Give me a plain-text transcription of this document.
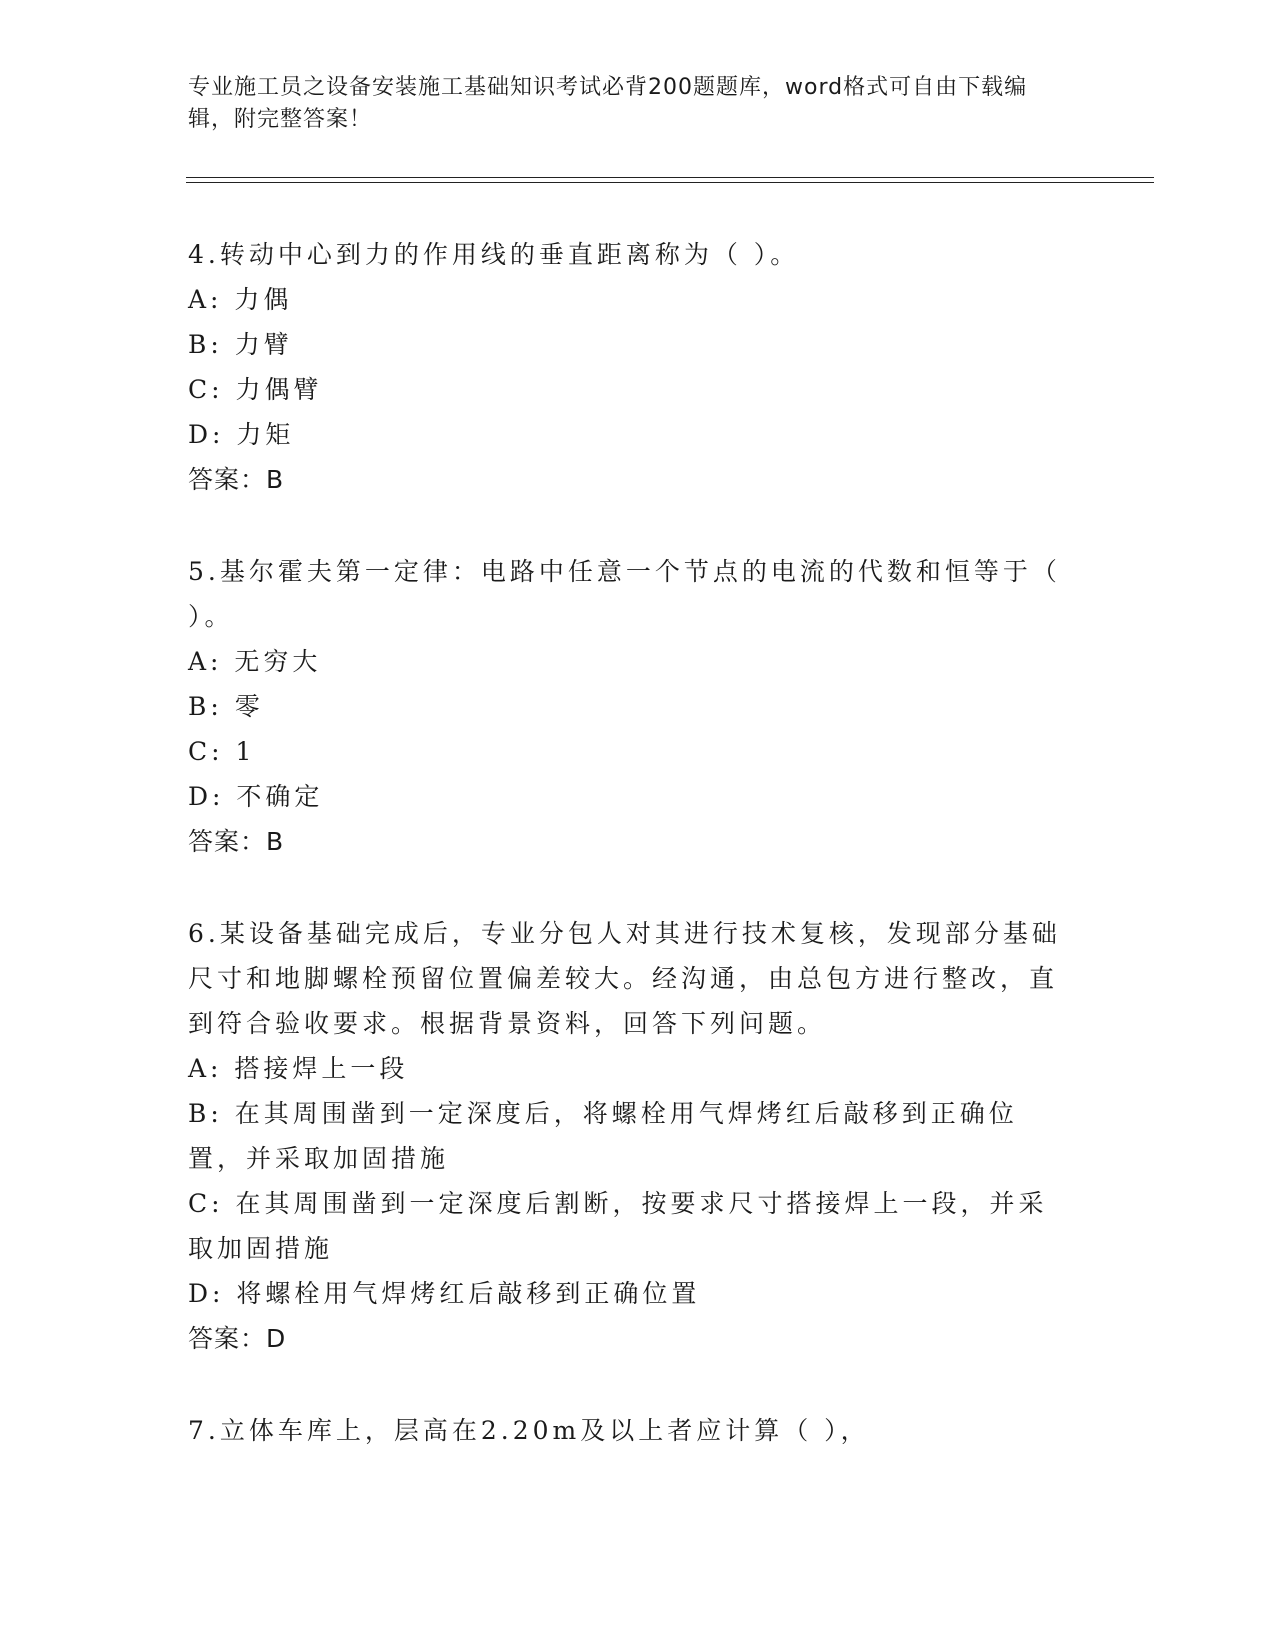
专业施工员之设备安装施工基础知识考试必背200题题库，word格式可自由下载编辑，附完整答案！
4.转动中心到力的作用线的垂直距离称为（ ）。
A: 力偶
B: 力臂
C: 力偶臂
D: 力矩
答案：B
5.基尔霍夫第一定律：电路中任意一个节点的电流的代数和恒等于（ ）。
A: 无穷大
B: 零
C: 1
D: 不确定
答案：B
6.某设备基础完成后，专业分包人对其进行技术复核，发现部分基础尺寸和地脚螺栓预留位置偏差较大。经沟通，由总包方进行整改，直到符合验收要求。根据背景资料，回答下列问题。
A: 搭接焊上一段
B: 在其周围凿到一定深度后，将螺栓用气焊烤红后敲移到正确位置，并采取加固措施
C: 在其周围凿到一定深度后割断，按要求尺寸搭接焊上一段，并采取加固措施
D: 将螺栓用气焊烤红后敲移到正确位置
答案：D
7.立体车库上，层高在2.20m及以上者应计算（ ），
